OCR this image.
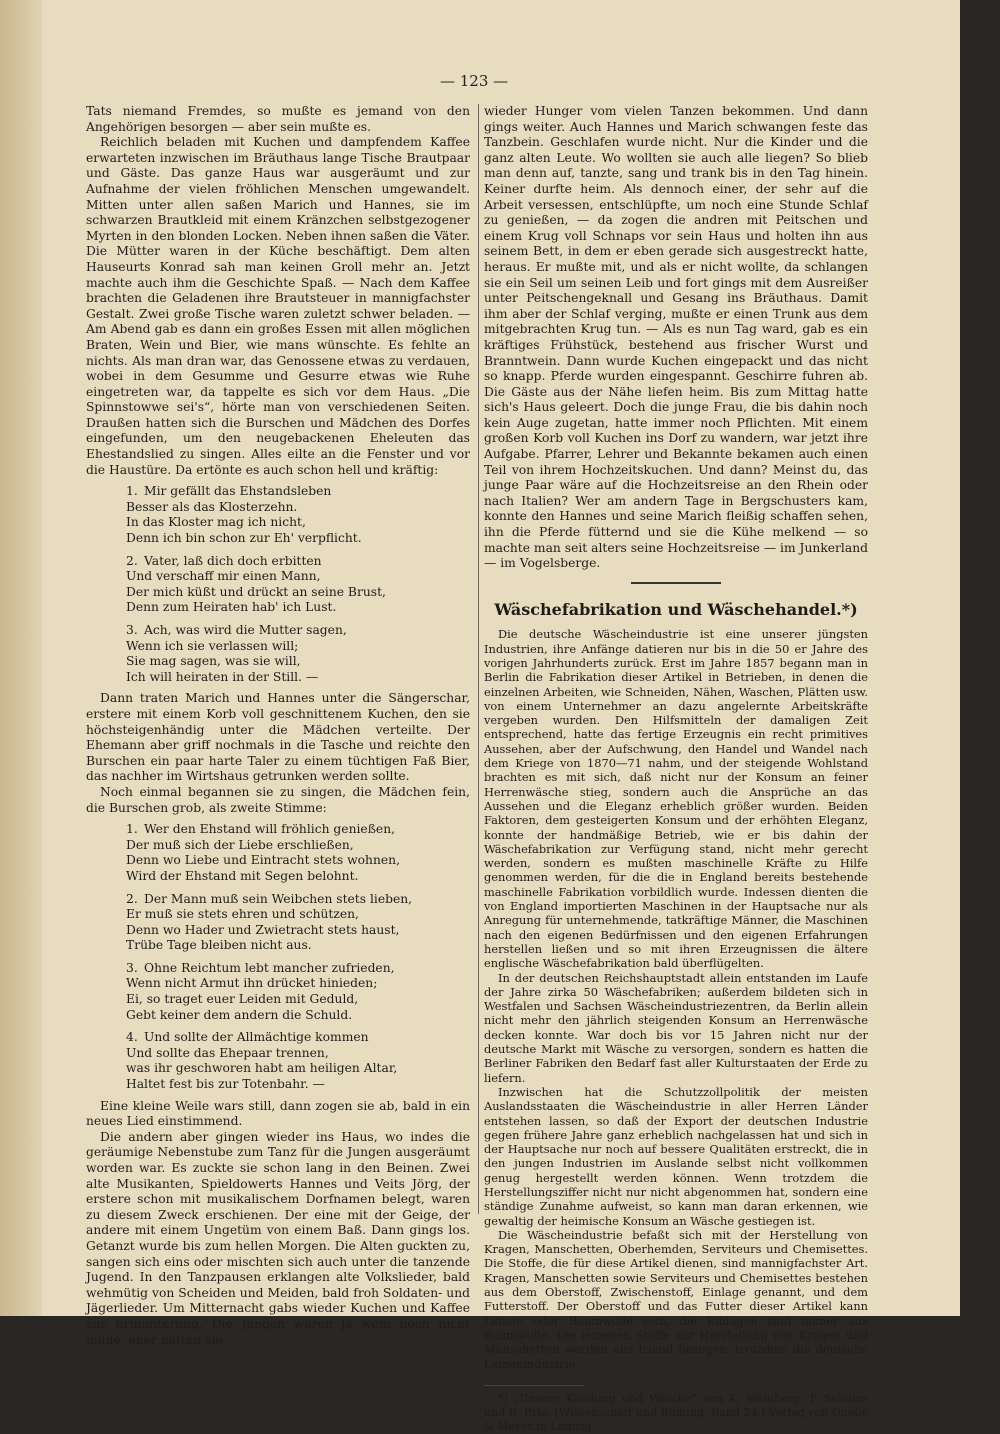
— 123 —

Tats niemand Fremdes, so mußte es jemand von den Angehörigen besorgen — aber sein mußte es.

Reichlich beladen mit Kuchen und dampfendem Kaffee erwarteten inzwischen im Bräuthaus lange Tische Brautpaar und Gäste. Das ganze Haus war ausgeräumt und zur Aufnahme der vielen fröhlichen Menschen umgewandelt. Mitten unter allen saßen Marich und Hannes, sie im schwarzen Brautkleid mit einem Kränzchen selbstgezogener Myrten in den blonden Locken. Neben ihnen saßen die Väter. Die Mütter waren in der Küche beschäftigt. Dem alten Hauseurts Konrad sah man keinen Groll mehr an. Jetzt machte auch ihm die Geschichte Spaß. — Nach dem Kaffee brachten die Geladenen ihre Brautsteuer in mannigfachster Gestalt. Zwei große Tische waren zuletzt schwer beladen. — Am Abend gab es dann ein großes Essen mit allen möglichen Braten, Wein und Bier, wie mans wünschte. Es fehlte an nichts. Als man dran war, das Genossene etwas zu verdauen, wobei in dem Gesumme und Gesurre etwas wie Ruhe eingetreten war, da tappelte es sich vor dem Haus. „Die Spinnstowwe sei's“, hörte man von verschiedenen Seiten. Draußen hatten sich die Burschen und Mädchen des Dorfes eingefunden, um den neugebackenen Eheleuten das Ehestandslied zu singen. Alles eilte an die Fenster und vor die Haustüre. Da ertönte es auch schon hell und kräftig:

1. Mir gefällt das Ehstandsleben
Besser als das Klosterzehn.
In das Kloster mag ich nicht,
Denn ich bin schon zur Eh' verpflicht.
2. Vater, laß dich doch erbitten
Und verschaff mir einen Mann,
Der mich küßt und drückt an seine Brust,
Denn zum Heiraten hab' ich Lust.
3. Ach, was wird die Mutter sagen,
Wenn ich sie verlassen will;
Sie mag sagen, was sie will,
Ich will heiraten in der Still. —

Dann traten Marich und Hannes unter die Sängerschar, erstere mit einem Korb voll geschnittenem Kuchen, den sie höchsteigenhändig unter die Mädchen verteilte. Der Ehemann aber griff nochmals in die Tasche und reichte den Burschen ein paar harte Taler zu einem tüchtigen Faß Bier, das nachher im Wirtshaus getrunken werden sollte.

Noch einmal begannen sie zu singen, die Mädchen fein, die Burschen grob, als zweite Stimme:

1. Wer den Ehstand will fröhlich genießen,
Der muß sich der Liebe erschließen,
Denn wo Liebe und Eintracht stets wohnen,
Wird der Ehstand mit Segen belohnt.
2. Der Mann muß sein Weibchen stets lieben,
Er muß sie stets ehren und schützen,
Denn wo Hader und Zwietracht stets haust,
Trübe Tage bleiben nicht aus.
3. Ohne Reichtum lebt mancher zufrieden,
Wenn nicht Armut ihn drücket hinieden;
Ei, so traget euer Leiden mit Geduld,
Gebt keiner dem andern die Schuld.
4. Und sollte der Allmächtige kommen
Und sollte das Ehepaar trennen,
was ihr geschworen habt am heiligen Altar,
Haltet fest bis zur Totenbahr. —

Eine kleine Weile wars still, dann zogen sie ab, bald in ein neues Lied einstimmend.

Die andern aber gingen wieder ins Haus, wo indes die geräumige Nebenstube zum Tanz für die Jungen ausgeräumt worden war. Es zuckte sie schon lang in den Beinen. Zwei alte Musikanten, Spieldowerts Hannes und Veits Jörg, der erstere schon mit musikalischem Dorfnamen belegt, waren zu diesem Zweck erschienen. Der eine mit der Geige, der andere mit einem Ungetüm von einem Baß. Dann gings los. Getanzt wurde bis zum hellen Morgen. Die Alten guckten zu, sangen sich eins oder mischten sich auch unter die tanzende Jugend. In den Tanzpausen erklangen alte Volkslieder, bald wehmütig von Scheiden und Meiden, bald froh Soldaten- und Jägerlieder. Um Mitternacht gabs wieder Kuchen und Kaffee zur Ermunterung. Die Jungen waren ja wohl noch nicht müde, eher hatten sie

wieder Hunger vom vielen Tanzen bekommen. Und dann gings weiter. Auch Hannes und Marich schwangen feste das Tanzbein. Geschlafen wurde nicht. Nur die Kinder und die ganz alten Leute. Wo wollten sie auch alle liegen? So blieb man denn auf, tanzte, sang und trank bis in den Tag hinein. Keiner durfte heim. Als dennoch einer, der sehr auf die Arbeit versessen, entschlüpfte, um noch eine Stunde Schlaf zu genießen, — da zogen die andren mit Peitschen und einem Krug voll Schnaps vor sein Haus und holten ihn aus seinem Bett, in dem er eben gerade sich ausgestreckt hatte, heraus. Er mußte mit, und als er nicht wollte, da schlangen sie ein Seil um seinen Leib und fort gings mit dem Ausreißer unter Peitschengeknall und Gesang ins Bräuthaus. Damit ihm aber der Schlaf verging, mußte er einen Trunk aus dem mitgebrachten Krug tun. — Als es nun Tag ward, gab es ein kräftiges Frühstück, bestehend aus frischer Wurst und Branntwein. Dann wurde Kuchen eingepackt und das nicht so knapp. Pferde wurden eingespannt. Geschirre fuhren ab. Die Gäste aus der Nähe liefen heim. Bis zum Mittag hatte sich's Haus geleert. Doch die junge Frau, die bis dahin noch kein Auge zugetan, hatte immer noch Pflichten. Mit einem großen Korb voll Kuchen ins Dorf zu wandern, war jetzt ihre Aufgabe. Pfarrer, Lehrer und Bekannte bekamen auch einen Teil von ihrem Hochzeitskuchen. Und dann? Meinst du, das junge Paar wäre auf die Hochzeitsreise an den Rhein oder nach Italien? Wer am andern Tage in Bergschusters kam, konnte den Hannes und seine Marich fleißig schaffen sehen, ihn die Pferde fütternd und sie die Kühe melkend — so machte man seit alters seine Hochzeitsreise — im Junkerland — im Vogelsberge.

Wäschefabrikation und Wäschehandel.*)

Die deutsche Wäscheindustrie ist eine unserer jüngsten Industrien, ihre Anfänge datieren nur bis in die 50 er Jahre des vorigen Jahrhunderts zurück. Erst im Jahre 1857 begann man in Berlin die Fabrikation dieser Artikel in Betrieben, in denen die einzelnen Arbeiten, wie Schneiden, Nähen, Waschen, Plätten usw. von einem Unternehmer an dazu angelernte Arbeitskräfte vergeben wurden. Den Hilfsmitteln der damaligen Zeit entsprechend, hatte das fertige Erzeugnis ein recht primitives Aussehen, aber der Aufschwung, den Handel und Wandel nach dem Kriege von 1870—71 nahm, und der steigende Wohlstand brachten es mit sich, daß nicht nur der Konsum an feiner Herrenwäsche stieg, sondern auch die Ansprüche an das Aussehen und die Eleganz erheblich größer wurden. Beiden Faktoren, dem gesteigerten Konsum und der erhöhten Eleganz, konnte der handmäßige Betrieb, wie er bis dahin der Wäschefabrikation zur Verfügung stand, nicht mehr gerecht werden, sondern es mußten maschinelle Kräfte zu Hilfe genommen werden, für die die in England bereits bestehende maschinelle Fabrikation vorbildlich wurde. Indessen dienten die von England importierten Maschinen in der Hauptsache nur als Anregung für unternehmende, tatkräftige Männer, die Maschinen nach den eigenen Bedürfnissen und den eigenen Erfahrungen herstellen ließen und so mit ihren Erzeugnissen die ältere englische Wäschefabrikation bald überflügelten.

In der deutschen Reichshauptstadt allein entstanden im Laufe der Jahre zirka 50 Wäschefabriken; außerdem bildeten sich in Westfalen und Sachsen Wäscheindustriezentren, da Berlin allein nicht mehr den jährlich steigenden Konsum an Herrenwäsche decken konnte. War doch bis vor 15 Jahren nicht nur der deutsche Markt mit Wäsche zu versorgen, sondern es hatten die Berliner Fabriken den Bedarf fast aller Kulturstaaten der Erde zu liefern.

Inzwischen hat die Schutzzollpolitik der meisten Auslandsstaaten die Wäscheindustrie in aller Herren Länder entstehen lassen, so daß der Export der deutschen Industrie gegen frühere Jahre ganz erheblich nachgelassen hat und sich in der Hauptsache nur noch auf bessere Qualitäten erstreckt, die in den jungen Industrien im Auslande selbst nicht vollkommen genug hergestellt werden können. Wenn trotzdem die Herstellungsziffer nicht nur nicht abgenommen hat, sondern eine ständige Zunahme aufweist, so kann man daran erkennen, wie gewaltig der heimische Konsum an Wäsche gestiegen ist.

Die Wäscheindustrie befaßt sich mit der Herstellung von Kragen, Manschetten, Oberhemden, Serviteurs und Chemisettes. Die Stoffe, die für diese Artikel dienen, sind mannigfachster Art. Kragen, Manschetten sowie Serviteurs und Chemisettes bestehen aus dem Oberstoff, Zwischenstoff, Einlage genannt, und dem Futterstoff. Der Oberstoff und das Futter dieser Artikel kann Leinen oder Baumwolle sein, die Einlagen sind immer aus Baumwolle. Die leinenen Stoffe zur Herstellung von Kragen und Manschetten werden aus Irland bezogen, trotzdem die deutsche Leinenindustrie

*) „Unsere Kleidung und Wäsche“ von K. Weinberg, P. Schulze und B. Brie. (Wissenschaft und Bildung, Band 24.) Verlag von Quelle & Meyer in Leipzig.
